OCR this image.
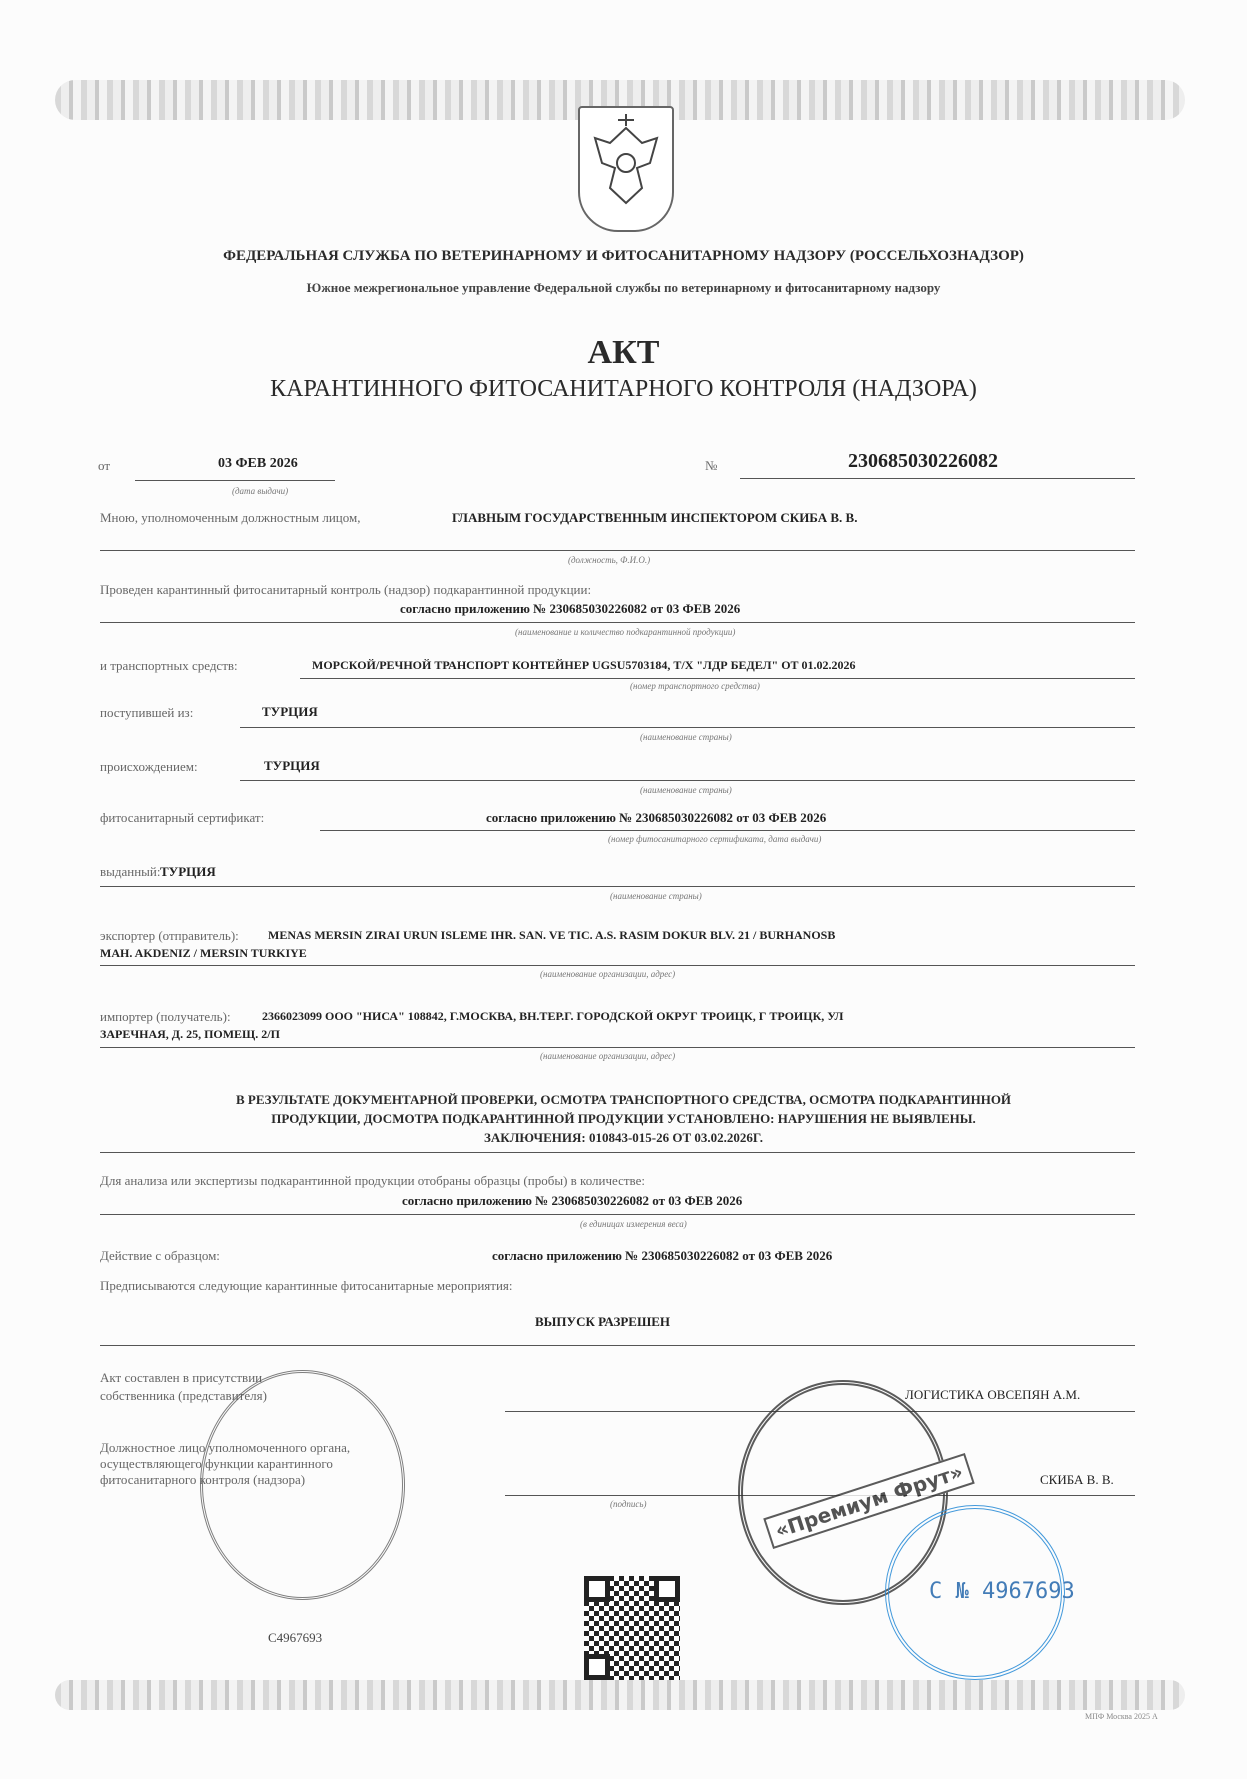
ФЕДЕРАЛЬНАЯ СЛУЖБА ПО ВЕТЕРИНАРНОМУ И ФИТОСАНИТАРНОМУ НАДЗОРУ (РОССЕЛЬХОЗНАДЗОР)
Южное межрегиональное управление Федеральной службы по ветеринарному и фитосанитарному надзору
АКТ
КАРАНТИННОГО ФИТОСАНИТАРНОГО КОНТРОЛЯ (НАДЗОРА)
от	03 ФЕВ 2026
(дата выдачи)
№	230685030226082
Мною, уполномоченным должностным лицом,	ГЛАВНЫМ ГОСУДАРСТВЕННЫМ ИНСПЕКТОРОМ СКИБА В. В.
(должность, Ф.И.О.)
Проведен карантинный фитосанитарный контроль (надзор) подкарантинной продукции:
согласно приложению № 230685030226082 от 03 ФЕВ 2026
(наименование и количество подкарантинной продукции)
и транспортных средств:	МОРСКОЙ/РЕЧНОЙ ТРАНСПОРТ КОНТЕЙНЕР UGSU5703184, Т/Х "ЛДР БЕДЕЛ" ОТ 01.02.2026
(номер транспортного средства)
поступившей из:	ТУРЦИЯ
(наименование страны)
происхождением:	ТУРЦИЯ
(наименование страны)
фитосанитарный сертификат:	согласно приложению № 230685030226082 от 03 ФЕВ 2026
(номер фитосанитарного сертификата, дата выдачи)
выданный: ТУРЦИЯ
(наименование страны)
экспортер (отправитель): MENAS MERSIN ZIRAI URUN ISLEME IHR. SAN. VE TIC. A.S. RASIM DOKUR BLV. 21 / BURHANOSB
MAH. AKDENIZ / MERSIN TURKIYE
(наименование организации, адрес)
импортер (получатель):	2366023099 ООО "НИСА" 108842, Г.МОСКВА, ВН.ТЕР.Г. ГОРОДСКОЙ ОКРУГ ТРОИЦК, Г ТРОИЦК, УЛ
ЗАРЕЧНАЯ, Д. 25, ПОМЕЩ. 2/П
(наименование организации, адрес)
В РЕЗУЛЬТАТЕ ДОКУМЕНТАРНОЙ ПРОВЕРКИ, ОСМОТРА ТРАНСПОРТНОГО СРЕДСТВА, ОСМОТРА ПОДКАРАНТИННОЙ
ПРОДУКЦИИ, ДОСМОТРА ПОДКАРАНТИННОЙ ПРОДУКЦИИ УСТАНОВЛЕНО: НАРУШЕНИЯ НЕ ВЫЯВЛЕНЫ.
ЗАКЛЮЧЕНИЯ: 010843-015-26 ОТ 03.02.2026Г.
Для анализа или экспертизы подкарантинной продукции отобраны образцы (пробы) в количестве:
согласно приложению № 230685030226082 от 03 ФЕВ 2026
(в единицах измерения веса)
Действие с образцом:	согласно приложению № 230685030226082 от 03 ФЕВ 2026
Предписываются следующие карантинные фитосанитарные мероприятия:
ВЫПУСК РАЗРЕШЕН
Акт составлен в присутствии
собственника (представителя)	ЛОГИСТИКА ОВСЕПЯН А.М.
Должностное лицо уполномоченного органа,
осуществляющего функции карантинного
фитосанитарного контроля (надзора)	СКИБА В. В.
(подпись)	«Премиум Фрут»
С № 4967693
С4967693
МПФ Москва 2025 А
